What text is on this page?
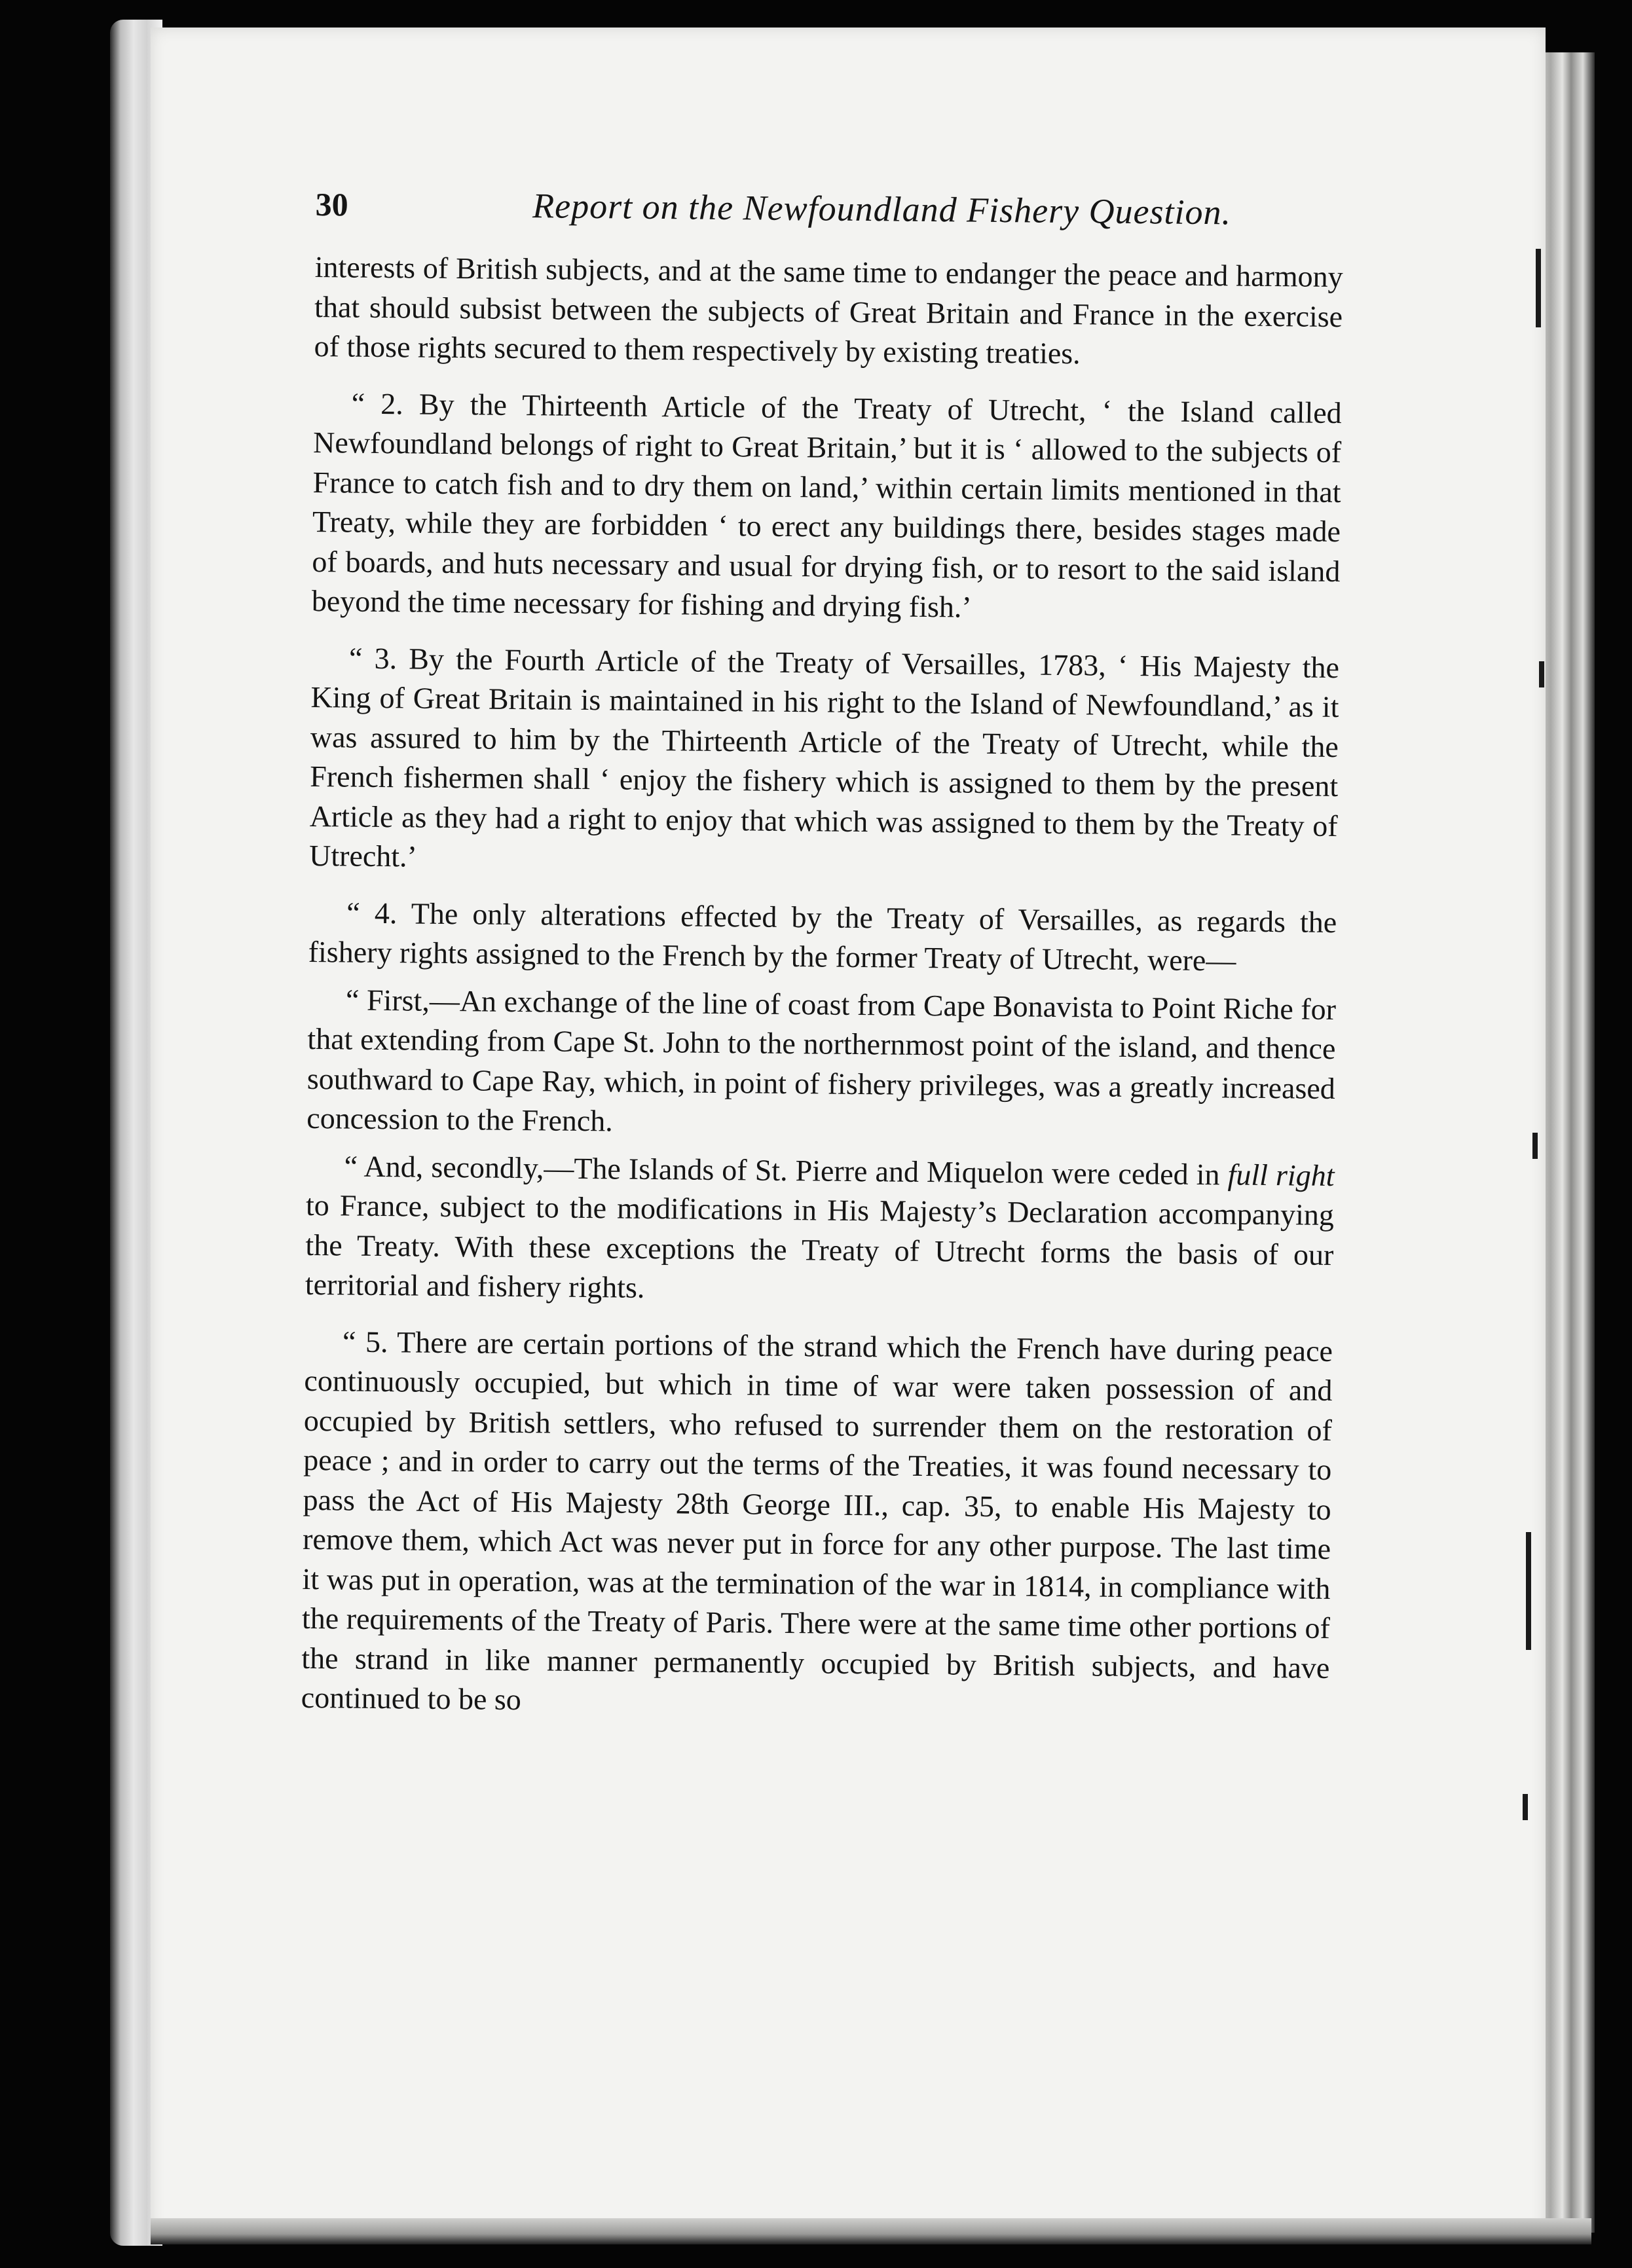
30	Report on the Newfoundland Fishery Question.

interests of British subjects, and at the same time to endanger the peace and harmony that should subsist between the subjects of Great Britain and France in the exercise of those rights secured to them respectively by existing treaties.

“ 2. By the Thirteenth Article of the Treaty of Utrecht, ‘ the Island called Newfoundland belongs of right to Great Britain,’ but it is ‘ allowed to the subjects of France to catch fish and to dry them on land,’ within certain limits mentioned in that Treaty, while they are forbidden ‘ to erect any buildings there, besides stages made of boards, and huts necessary and usual for drying fish, or to resort to the said island beyond the time necessary for fishing and drying fish.’

“ 3. By the Fourth Article of the Treaty of Versailles, 1783, ‘ His Majesty the King of Great Britain is maintained in his right to the Island of Newfoundland,’ as it was assured to him by the Thirteenth Article of the Treaty of Utrecht, while the French fishermen shall ‘ enjoy the fishery which is assigned to them by the present Article as they had a right to enjoy that which was assigned to them by the Treaty of Utrecht.’

“ 4. The only alterations effected by the Treaty of Versailles, as regards the fishery rights assigned to the French by the former Treaty of Utrecht, were—

“ First,—An exchange of the line of coast from Cape Bonavista to Point Riche for that extending from Cape St. John to the northernmost point of the island, and thence southward to Cape Ray, which, in point of fishery privileges, was a greatly increased concession to the French.

“ And, secondly,—The Islands of St. Pierre and Miquelon were ceded in full right to France, subject to the modifications in His Majesty’s Declaration accompanying the Treaty. With these exceptions the Treaty of Utrecht forms the basis of our territorial and fishery rights.

“ 5. There are certain portions of the strand which the French have during peace continuously occupied, but which in time of war were taken possession of and occupied by British settlers, who refused to surrender them on the restoration of peace ; and in order to carry out the terms of the Treaties, it was found necessary to pass the Act of His Majesty 28th George III., cap. 35, to enable His Majesty to remove them, which Act was never put in force for any other purpose. The last time it was put in operation, was at the termination of the war in 1814, in compliance with the requirements of the Treaty of Paris. There were at the same time other portions of the strand in like manner permanently occupied by British subjects, and have continued to be so
